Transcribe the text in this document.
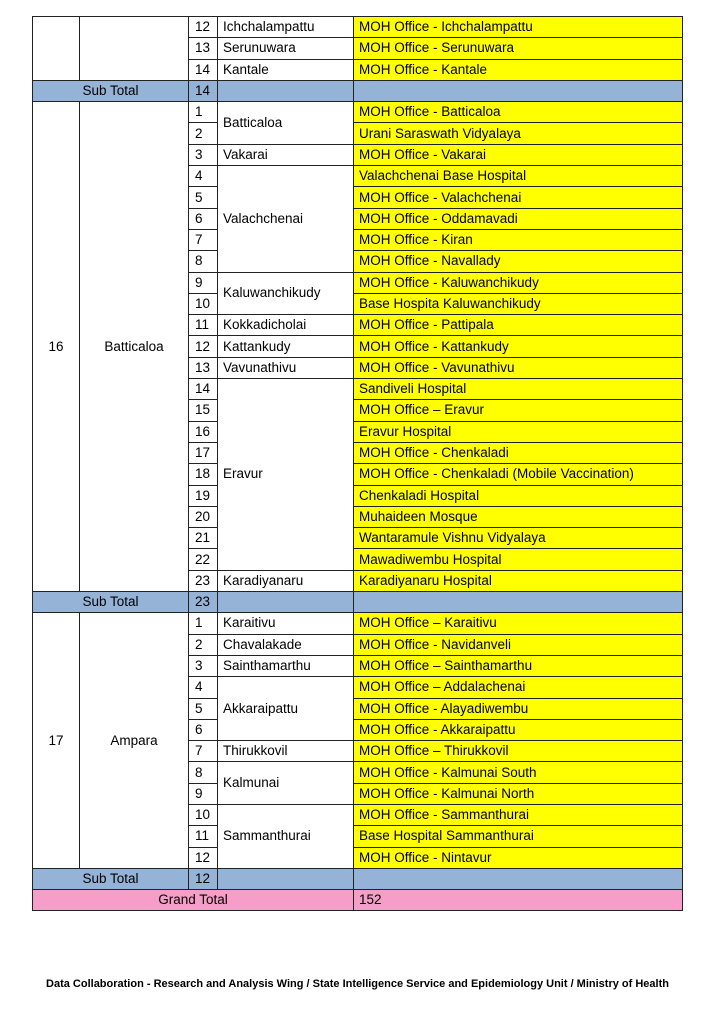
		12	Ichchalampattu	MOH Office - Ichchalampattu
		13	Serunuwara	MOH Office - Serunuwara
		14	Kantale	MOH Office - Kantale
Sub Total		14		
16	Batticaloa	1	Batticaloa	MOH Office - Batticaloa
		2		Urani Saraswath Vidyalaya
		3	Vakarai	MOH Office - Vakarai
		4	Valachchenai	Valachchenai Base Hospital
		5		MOH Office - Valachchenai
		6		MOH Office - Oddamavadi
		7		MOH Office - Kiran
		8		MOH Office - Navallady
		9	Kaluwanchikudy	MOH Office - Kaluwanchikudy
		10		Base Hospita Kaluwanchikudy
		11	Kokkadicholai	MOH Office - Pattipala
		12	Kattankudy	MOH Office - Kattankudy
		13	Vavunathivu	MOH Office - Vavunathivu
		14	Eravur	Sandiveli Hospital
		15		MOH Office – Eravur
		16		Eravur Hospital
		17		MOH Office - Chenkaladi
		18		MOH Office - Chenkaladi (Mobile Vaccination)
		19		Chenkaladi Hospital
		20		Muhaideen Mosque
		21		Wantaramule Vishnu Vidyalaya
		22		Mawadiwembu Hospital
		23	Karadiyanaru	Karadiyanaru Hospital
Sub Total		23		
17	Ampara	1	Karaitivu	MOH Office – Karaitivu
		2	Chavalakade	MOH Office - Navidanveli
		3	Sainthamarthu	MOH Office – Sainthamarthu
		4	Akkaraipattu	MOH Office – Addalachenai
		5		MOH Office - Alayadiwembu
		6		MOH Office - Akkaraipattu
		7	Thirukkovil	MOH Office – Thirukkovil
		8	Kalmunai	MOH Office - Kalmunai South
		9		MOH Office - Kalmunai North
		10	Sammanthurai	MOH Office - Sammanthurai
		11		Base Hospital Sammanthurai
		12		MOH Office - Nintavur
Sub Total		12		
Grand Total				152
Data Collaboration - Research and Analysis Wing / State Intelligence Service and Epidemiology Unit / Ministry of Health
